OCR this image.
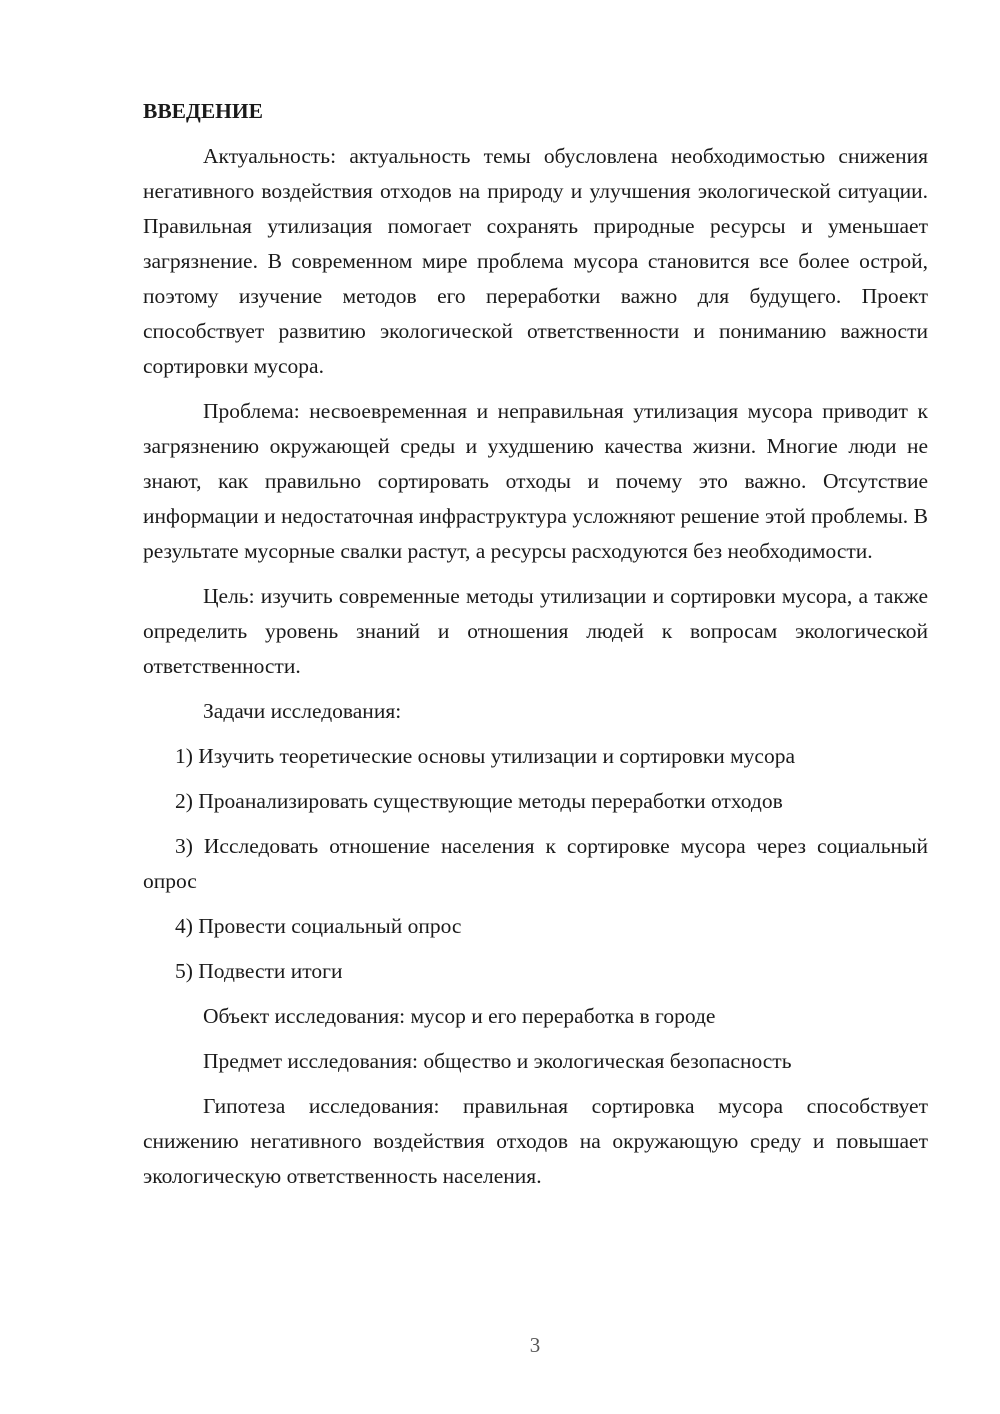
ВВЕДЕНИЕ

Актуальность: актуальность темы обусловлена необходимостью снижения негативного воздействия отходов на природу и улучшения экологической ситуации. Правильная утилизация помогает сохранять природные ресурсы и уменьшает загрязнение. В современном мире проблема мусора становится все более острой, поэтому изучение методов его переработки важно для будущего. Проект способствует развитию экологической ответственности и пониманию важности сортировки мусора.

Проблема: несвоевременная и неправильная утилизация мусора приводит к загрязнению окружающей среды и ухудшению качества жизни. Многие люди не знают, как правильно сортировать отходы и почему это важно. Отсутствие информации и недостаточная инфраструктура усложняют решение этой проблемы. В результате мусорные свалки растут, а ресурсы расходуются без необходимости.

Цель: изучить современные методы утилизации и сортировки мусора, а также определить уровень знаний и отношения людей к вопросам экологической ответственности.

Задачи исследования:

1) Изучить теоретические основы утилизации и сортировки мусора

2) Проанализировать существующие методы переработки отходов

3) Исследовать отношение населения к сортировке мусора через социальный опрос

4) Провести социальный опрос

5) Подвести итоги

Объект исследования: мусор и его переработка в городе

Предмет исследования: общество и экологическая безопасность

Гипотеза исследования: правильная сортировка мусора способствует снижению негативного воздействия отходов на окружающую среду и повышает экологическую ответственность населения.

3
